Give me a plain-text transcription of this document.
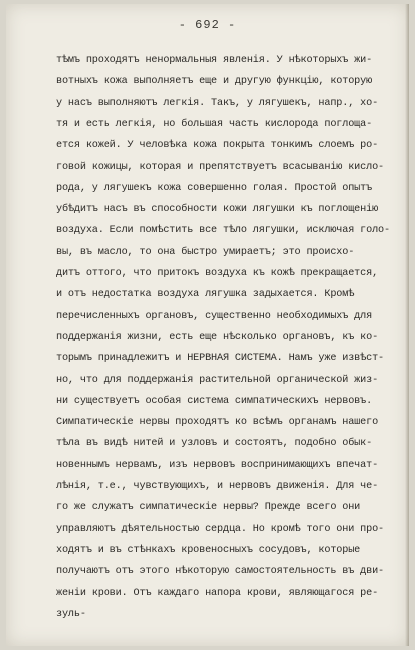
- 692 -
тѣмъ проходятъ ненормальныя явленія. У нѣкоторыхъ жи-
вотныхъ кожа выполняетъ еще и другую функцію, которую
у насъ выполняютъ легкія. Такъ, у лягушекъ, напр., хо-
тя и есть легкія, но большая часть кислорода поглоща-
ется кожей. У человѣка кожа покрыта тонкимъ слоемъ ро-
говой кожицы, которая и препятствуетъ всасыванію кисло-
рода, у лягушекъ кожа совершенно голая. Простой опытъ
убѣдитъ насъ въ способности кожи лягушки къ поглощенію
воздуха. Если помѣстить все тѣло лягушки, исключая голо-
вы, въ масло, то она быстро умираетъ; это происхо-
дитъ оттого, что притокъ воздуха къ кожѣ прекращается,
и отъ недостатка воздуха лягушка задыхается. Кромѣ
перечисленныхъ органовъ, существенно необходимыхъ для
поддержанія жизни, есть еще нѣсколько органовъ, къ ко-
торымъ принадлежитъ и НЕРВНАЯ СИСТЕМА. Намъ уже извѣст-
но, что для поддержанія растительной органической жиз-
ни существуетъ особая система симпатическихъ нервовъ.
Симпатическіе нервы проходятъ ко всѣмъ органамъ нашего
тѣла въ видѣ нитей и узловъ и состоятъ, подобно обык-
новеннымъ нервамъ, изъ нервовъ воспринимающихъ впечат-
лѣнія, т.е., чувствующихъ, и нервовъ движенія. Для че-
го же служатъ симпатическіе нервы? Прежде всего они
управляютъ дѣятельностью сердца. Но кромѣ того они про-
ходятъ и въ стѣнкахъ кровеносныхъ сосудовъ, которые
получаютъ отъ этого нѣкоторую самостоятельность въ дви-
женіи крови. Отъ каждаго напора крови, являющагося ре-
зуль-
